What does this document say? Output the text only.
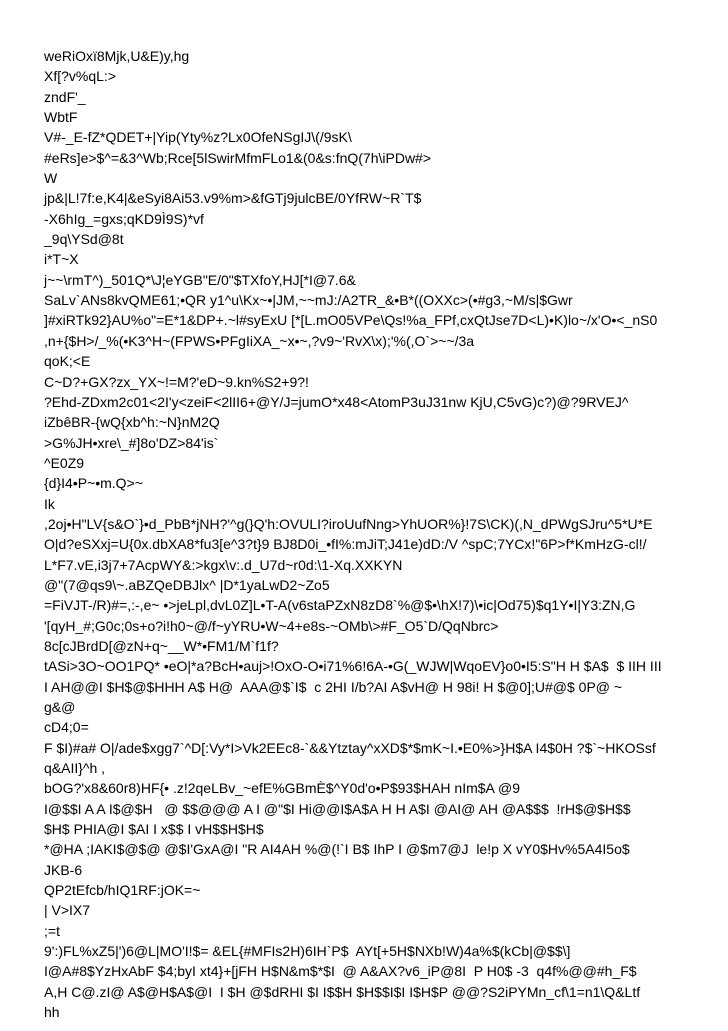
weRiOxï8Mjk,U&E)y,hg
Xf[?v%qL:>
zndF'_
WbtF
V#-_E-fZ*QDET+|Yip(Yty%z?Lx0OfeNSgIJ\(/9sK\
#eRs]e>$^=&3^Wb;Rce[5lSwirMfmFLo1&(0&s:fnQ(7h\iPDw#>
W
jp&|L!7f:e,K4|&eSyi8Ai53.v9%m>&fGTj9julcBE/0YfRW~R`T$
-X6hIg_=gxs;qKD9Ì9S)*vf
_9q\YSd@8t
i*T~X
j~~\rmT^)_501Q*\J¦eYGB"E/0"$TXfoY,HJ[*I@7.6&
SaLv`ANs8kvQME61;•QR y1^u\Kx~•|JM,~~mJ:/A2TR_&•B*((OXXc>(•#g3,~M/s|$Gwr
]#xiRTk92}AU%o"=E*1&DP+.~l#syExU [*[L.mO05VPe\Qs!%a_FPf,cxQtJse7D<L)•K)lo~/x'O•<_nS0
,n+{$H>/_%(•K3^H~(FPWS•PFgIiXA_~x•~,?v9~'RvX\x);'%(,O`>~~/3a
qoK;<E
C~D?+GX?zx_YX~!=M?'eD~9.kn%S2+9?!
?Ehd-ZDxm2c01<2I'y<zeiF<2lII6+@Y/J=jumO*x48<AtomP3uJ31nw KjU,C5vG)c?)@?9RVEJ^
iZbêBR-{wQ{xb^h:~N}nM2Q
>G%JH•xre\_#]8o'DZ>84'is`
^E0Z9
{d}I4•P~•m.Q>~
Ik
,2oj•H"LV{s&O`}•d_PbB*jNH?'^g(}Q'h:OVULI?iroUufNng>YhUOR%}!7S\CK)(,N_dPWgSJru^5*U*E
O|d?eSXxj=U{0x.dbXA8*fu3[e^3?t}9 BJ8D0i_•fI%:mJiT;J41e)dD:/V ^spC;7YCx!"6P>f*KmHzG-cl!/
L*F7.vE,i3j7+7AcpWY&:>kgx\v:.d_U7d~r0d:\1-Xq.XXKYN
@"(7@qs9\~.aBZQeDBJlx^ |D*1yaLwD2~Zo5
=FiVJT-/R)#=,:-,e~ •>jeLpl,dvL0Z]L•T-A(v6staPZxN8zD8`%@$•\hX!7)\•ic|Od75)$q1Y•I|Y3:ZN,G
'[qyH_#;G0c;0s+o?i!h0~@/f~yYRU•W~4+e8s-~OMb\>#F_O5`D/QqNbrc>
8c[cJBrdD[@zN+q~__W*•FM1/M`f1f?
tASi>3O~OO1PQ* •eO|*a?BcH•auj>!OxO-O•i71%6!6A-•G(_WJW|WqoEV}o0•I5:S"H H $A$  $ IIH III
I AH@@I $H$@$HHH A$ H@  AAA@$`I$  c 2HI I/b?AI A$vH@ H 98i! H $@0];U#@$ 0P@ ~
g&@
cD4;0=
F $I)#a# O|/ade$xgg7`^D[:Vy*I>Vk2EEc8-`&&Ytztay^xXD$*$mK~I.•E0%>}H$A I4$0H ?$`~HKOSsf
q&AII}^h ,
bOG?'x8&60r8)HF{• .z!2qeLBv_~efE%GBmÈ$^Y0d'o•P$93$HAH nIm$A @9
I@$$I A A I$@$H   @ $$@@@ A I @"$I Hi@@I$A$A H H A$I @AI@ AH @A$$$  !rH$@$H$$
$H$ PHIA@I $AI I x$$ I vH$$H$H$
*@HA ;IAKI$@$@ @$I'GxA@I "R AI4AH %@(!`I B$ IhP I @$m7@J  le!p X vY0$Hv%5A4I5o$
JKB-6
QP2tEfcb/hIQ1RF:jOK=~
| V>IX7
;=t
9':)FL%xZ5|')6@L|MO'I!$= &EL{#MFIs2H)6IH`P$  AYt[+5H$NXb!W)4a%$(kCb|@$$\]
I@A#8$YzHxAbF $4;byI xt4}+[jFH H$N&m$*$I  @ A&AX?v6_iP@8I  P H0$ -3  q4f%@@#h_F$
A,H C@.zI@ A$@H$A$@I  I $H @$dRHI $I I$$H $H$$I$I I$H$P @@?S2iPYMn_cf\1=n1\Q&Ltf
hh
